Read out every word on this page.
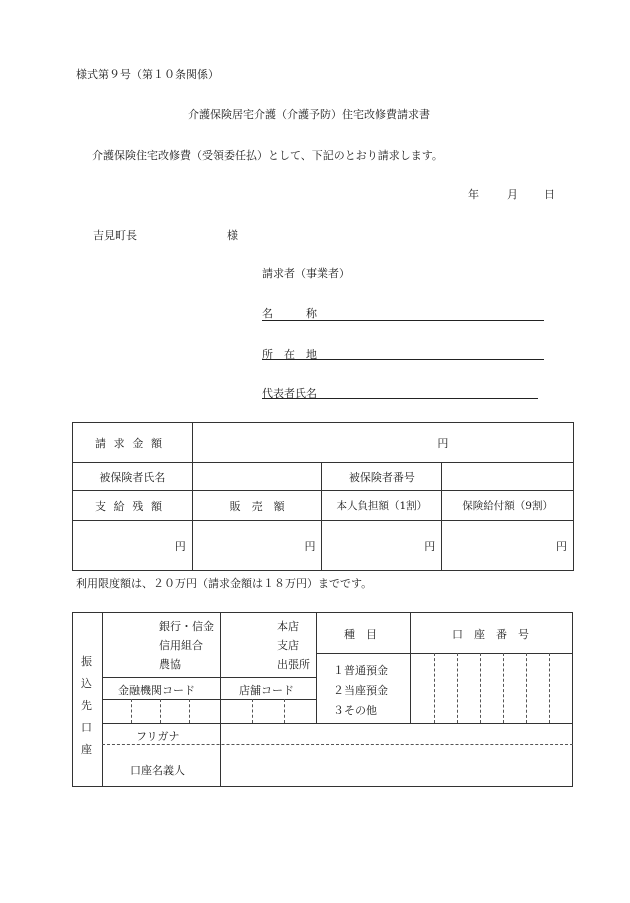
様式第９号（第１０条関係）
介護保険居宅介護（介護予防）住宅改修費請求書
介護保険住宅改修費（受領委任払）として、下記のとおり請求します。
年	月 日
吉見町長	様
請求者（事業者）
名　　　称
所　在　地
代表者氏名
請求金額	円		
被保険者氏名		被保険者番号	
支給残額	販　売　額	本人負担額（1割）	保険給付額（9割）
円	円	円	円
利用限度額は、２０万円（請求金額は１８万円）までです。
振
込
先
口
座
銀行・信金
信用組合
農協
本店
支店
出張所
種　目	口　座　番　号
１普通預金
２当座預金
３その他
金融機関コード	店舗コード
フリガナ
口座名義人
